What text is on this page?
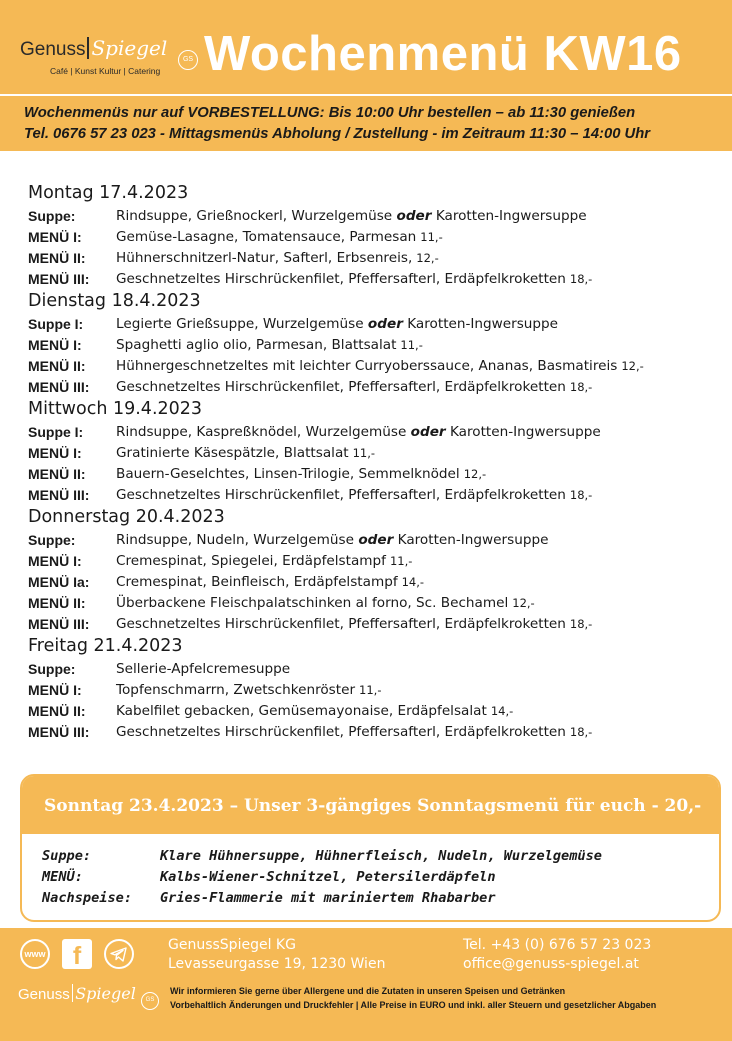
Genuss Spiegel	GS
Café | Kunst Kultur | Catering Wochenmenü KW16
Wochenmenüs nur auf VORBESTELLUNG: Bis 10:00 Uhr bestellen – ab 11:30 genießen
Tel. 0676 57 23 023 - Mittagsmenüs Abholung / Zustellung - im Zeitraum 11:30 – 14:00 Uhr
Montag 17.4.2023
Suppe:	Rindsuppe, Grießnockerl, Wurzelgemüse oder Karotten-Ingwersuppe
MENÜ I:	Gemüse-Lasagne, Tomatensauce, Parmesan 11,-
MENÜ II: Hühnerschnitzerl-Natur, Safterl, Erbsenreis, 12,-
MENÜ III: Geschnetzeltes Hirschrückenfilet, Pfeffersafterl, Erdäpfelkroketten 18,-
Dienstag 18.4.2023
Suppe I: Legierte Grießsuppe, Wurzelgemüse oder Karotten-Ingwersuppe
MENÜ I:	Spaghetti aglio olio, Parmesan, Blattsalat 11,-
MENÜ II: Hühnergeschnetzeltes mit leichter Curryoberssauce, Ananas, Basmatireis 12,-
MENÜ III: Geschnetzeltes Hirschrückenfilet, Pfeffersafterl, Erdäpfelkroketten 18,-
Mittwoch 19.4.2023
Suppe I: Rindsuppe, Kaspreßknödel, Wurzelgemüse oder Karotten-Ingwersuppe
MENÜ I:	Gratinierte Käsespätzle, Blattsalat 11,-
MENÜ II: Bauern-Geselchtes, Linsen-Trilogie, Semmelknödel 12,-
MENÜ III: Geschnetzeltes Hirschrückenfilet, Pfeffersafterl, Erdäpfelkroketten 18,-
Donnerstag 20.4.2023
Suppe:	Rindsuppe, Nudeln, Wurzelgemüse oder Karotten-Ingwersuppe
MENÜ I:	Cremespinat, Spiegelei, Erdäpfelstampf 11,-
MENÜ Ia: Cremespinat, Beinfleisch, Erdäpfelstampf 14,-
MENÜ II: Überbackene Fleischpalatschinken al forno, Sc. Bechamel 12,-
MENÜ III: Geschnetzeltes Hirschrückenfilet, Pfeffersafterl, Erdäpfelkroketten 18,-
Freitag 21.4.2023
Suppe:	Sellerie-Apfelcremesuppe
MENÜ I:	Topfenschmarrn, Zwetschkenröster 11,-
MENÜ II: Kabelfilet gebacken, Gemüsemayonaise, Erdäpfelsalat 14,-
MENÜ III: Geschnetzeltes Hirschrückenfilet, Pfeffersafterl, Erdäpfelkroketten 18,-
Sonntag 23.4.2023 – Unser 3-gängiges Sonntagsmenü für euch - 20,-
Suppe:	Klare Hühnersuppe, Hühnerfleisch, Nudeln, Wurzelgemüse
MENÜ:	Kalbs-Wiener-Schnitzel, Petersilerdäpfeln
Nachspeise: Gries-Flammerie mit mariniertem Rhabarber
www	f	GenussSpiegel KG
Levasseurgasse 19, 1230 Wien
Tel. +43 (0) 676 57 23 023
office@genuss-spiegel.at
Genuss Spiegel	GS
Wir informieren Sie gerne über Allergene und die Zutaten in unseren Speisen und Getränken
Vorbehaltlich Änderungen und Druckfehler | Alle Preise in EURO und inkl. aller Steuern und gesetzlicher Abgaben
